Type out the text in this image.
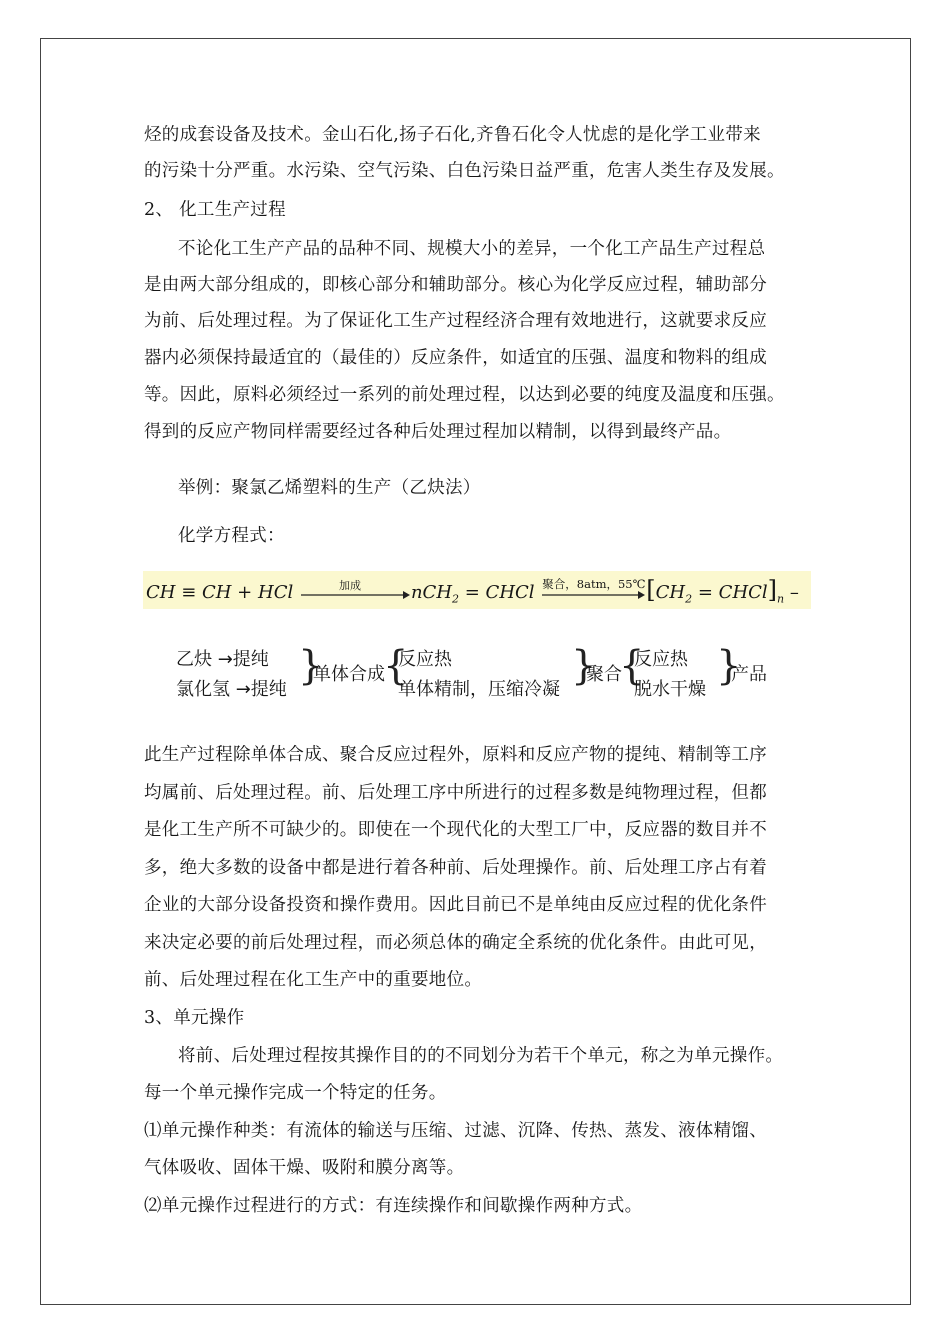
烃的成套设备及技术。金山石化,扬子石化,齐鲁石化令人忧虑的是化学工业带来
的污染十分严重。水污染、空气污染、白色污染日益严重，危害人类生存及发展。
2、 化工生产过程
不论化工生产产品的品种不同、规模大小的差异，一个化工产品生产过程总
是由两大部分组成的，即核心部分和辅助部分。核心为化学反应过程，辅助部分
为前、后处理过程。为了保证化工生产过程经济合理有效地进行，这就要求反应
器内必须保持最适宜的（最佳的）反应条件，如适宜的压强、温度和物料的组成
等。因此，原料必须经过一系列的前处理过程，以达到必要的纯度及温度和压强。
得到的反应产物同样需要经过各种后处理过程加以精制，以得到最终产品。
举例：聚氯乙烯塑料的生产（乙炔法）
化学方程式：
CH ≡ CH + HCl	加成	nCH$_2$ = CHCl 聚合，8atm，55℃ [$CH_2$ = $CHCl]_n$ –
乙炔 →提纯
氯化氢 →提纯
}
单体合成
{
反应热
单体精制，压缩冷凝
}
聚合
{
反应热
脱水干燥
}
产品
此生产过程除单体合成、聚合反应过程外，原料和反应产物的提纯、精制等工序
均属前、后处理过程。前、后处理工序中所进行的过程多数是纯物理过程，但都
是化工生产所不可缺少的。即使在一个现代化的大型工厂中，反应器的数目并不
多，绝大多数的设备中都是进行着各种前、后处理操作。前、后处理工序占有着
企业的大部分设备投资和操作费用。因此目前已不是单纯由反应过程的优化条件
来决定必要的前后处理过程，而必须总体的确定全系统的优化条件。由此可见，
前、后处理过程在化工生产中的重要地位。
3、单元操作
将前、后处理过程按其操作目的的不同划分为若干个单元，称之为单元操作。
每一个单元操作完成一个特定的任务。
⑴单元操作种类：有流体的输送与压缩、过滤、沉降、传热、蒸发、液体精馏、
气体吸收、固体干燥、吸附和膜分离等。
⑵单元操作过程进行的方式：有连续操作和间歇操作两种方式。
